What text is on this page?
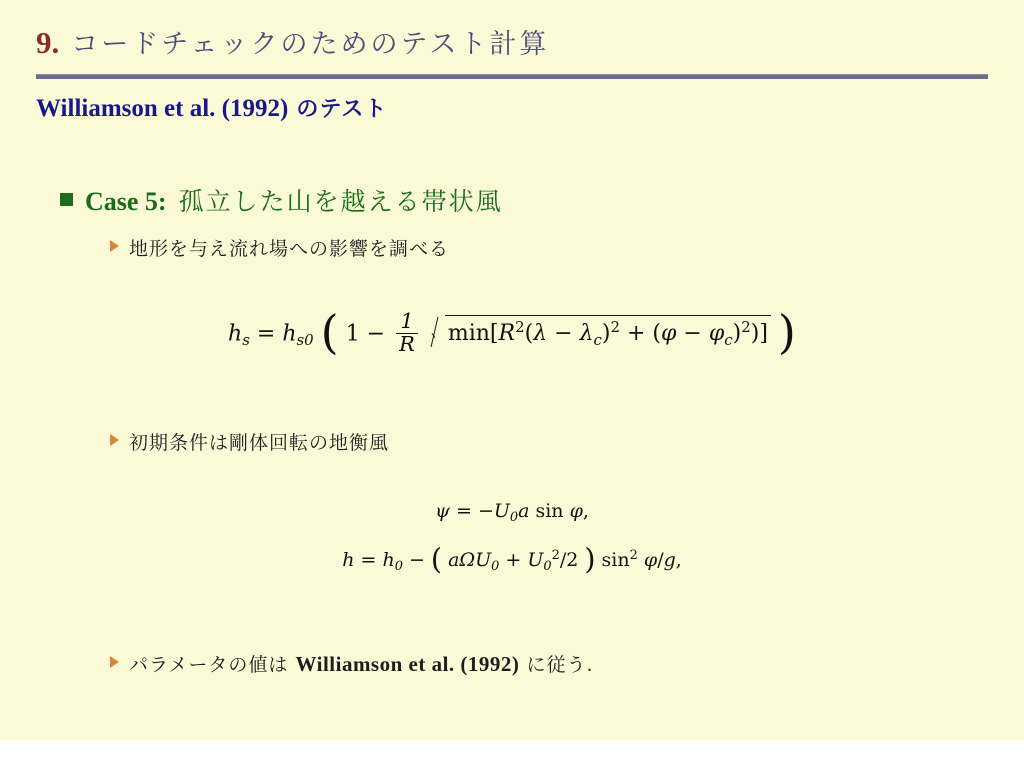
9. コードチェックのためのテスト計算
Williamson et al. (1992) のテスト
Case 5: 孤立した山を越える帯状風
地形を与え流れ場への影響を調べる
$h_s = h_{s0}$ ( $1 - \frac{1}{R} \min[R^2(\lambda - \lambda_c)^2 + (\varphi - \varphi_c)^2)$] )
初期条件は剛体回転の地衡風
$\psi = -U_0a$ sin φ,
$h = h_0$ − ( $a\Omega U_0 + U_0^2/2$ ) $\sin^2 \varphi/g$,
パラメータの値は Williamson et al. (1992) に従う.
